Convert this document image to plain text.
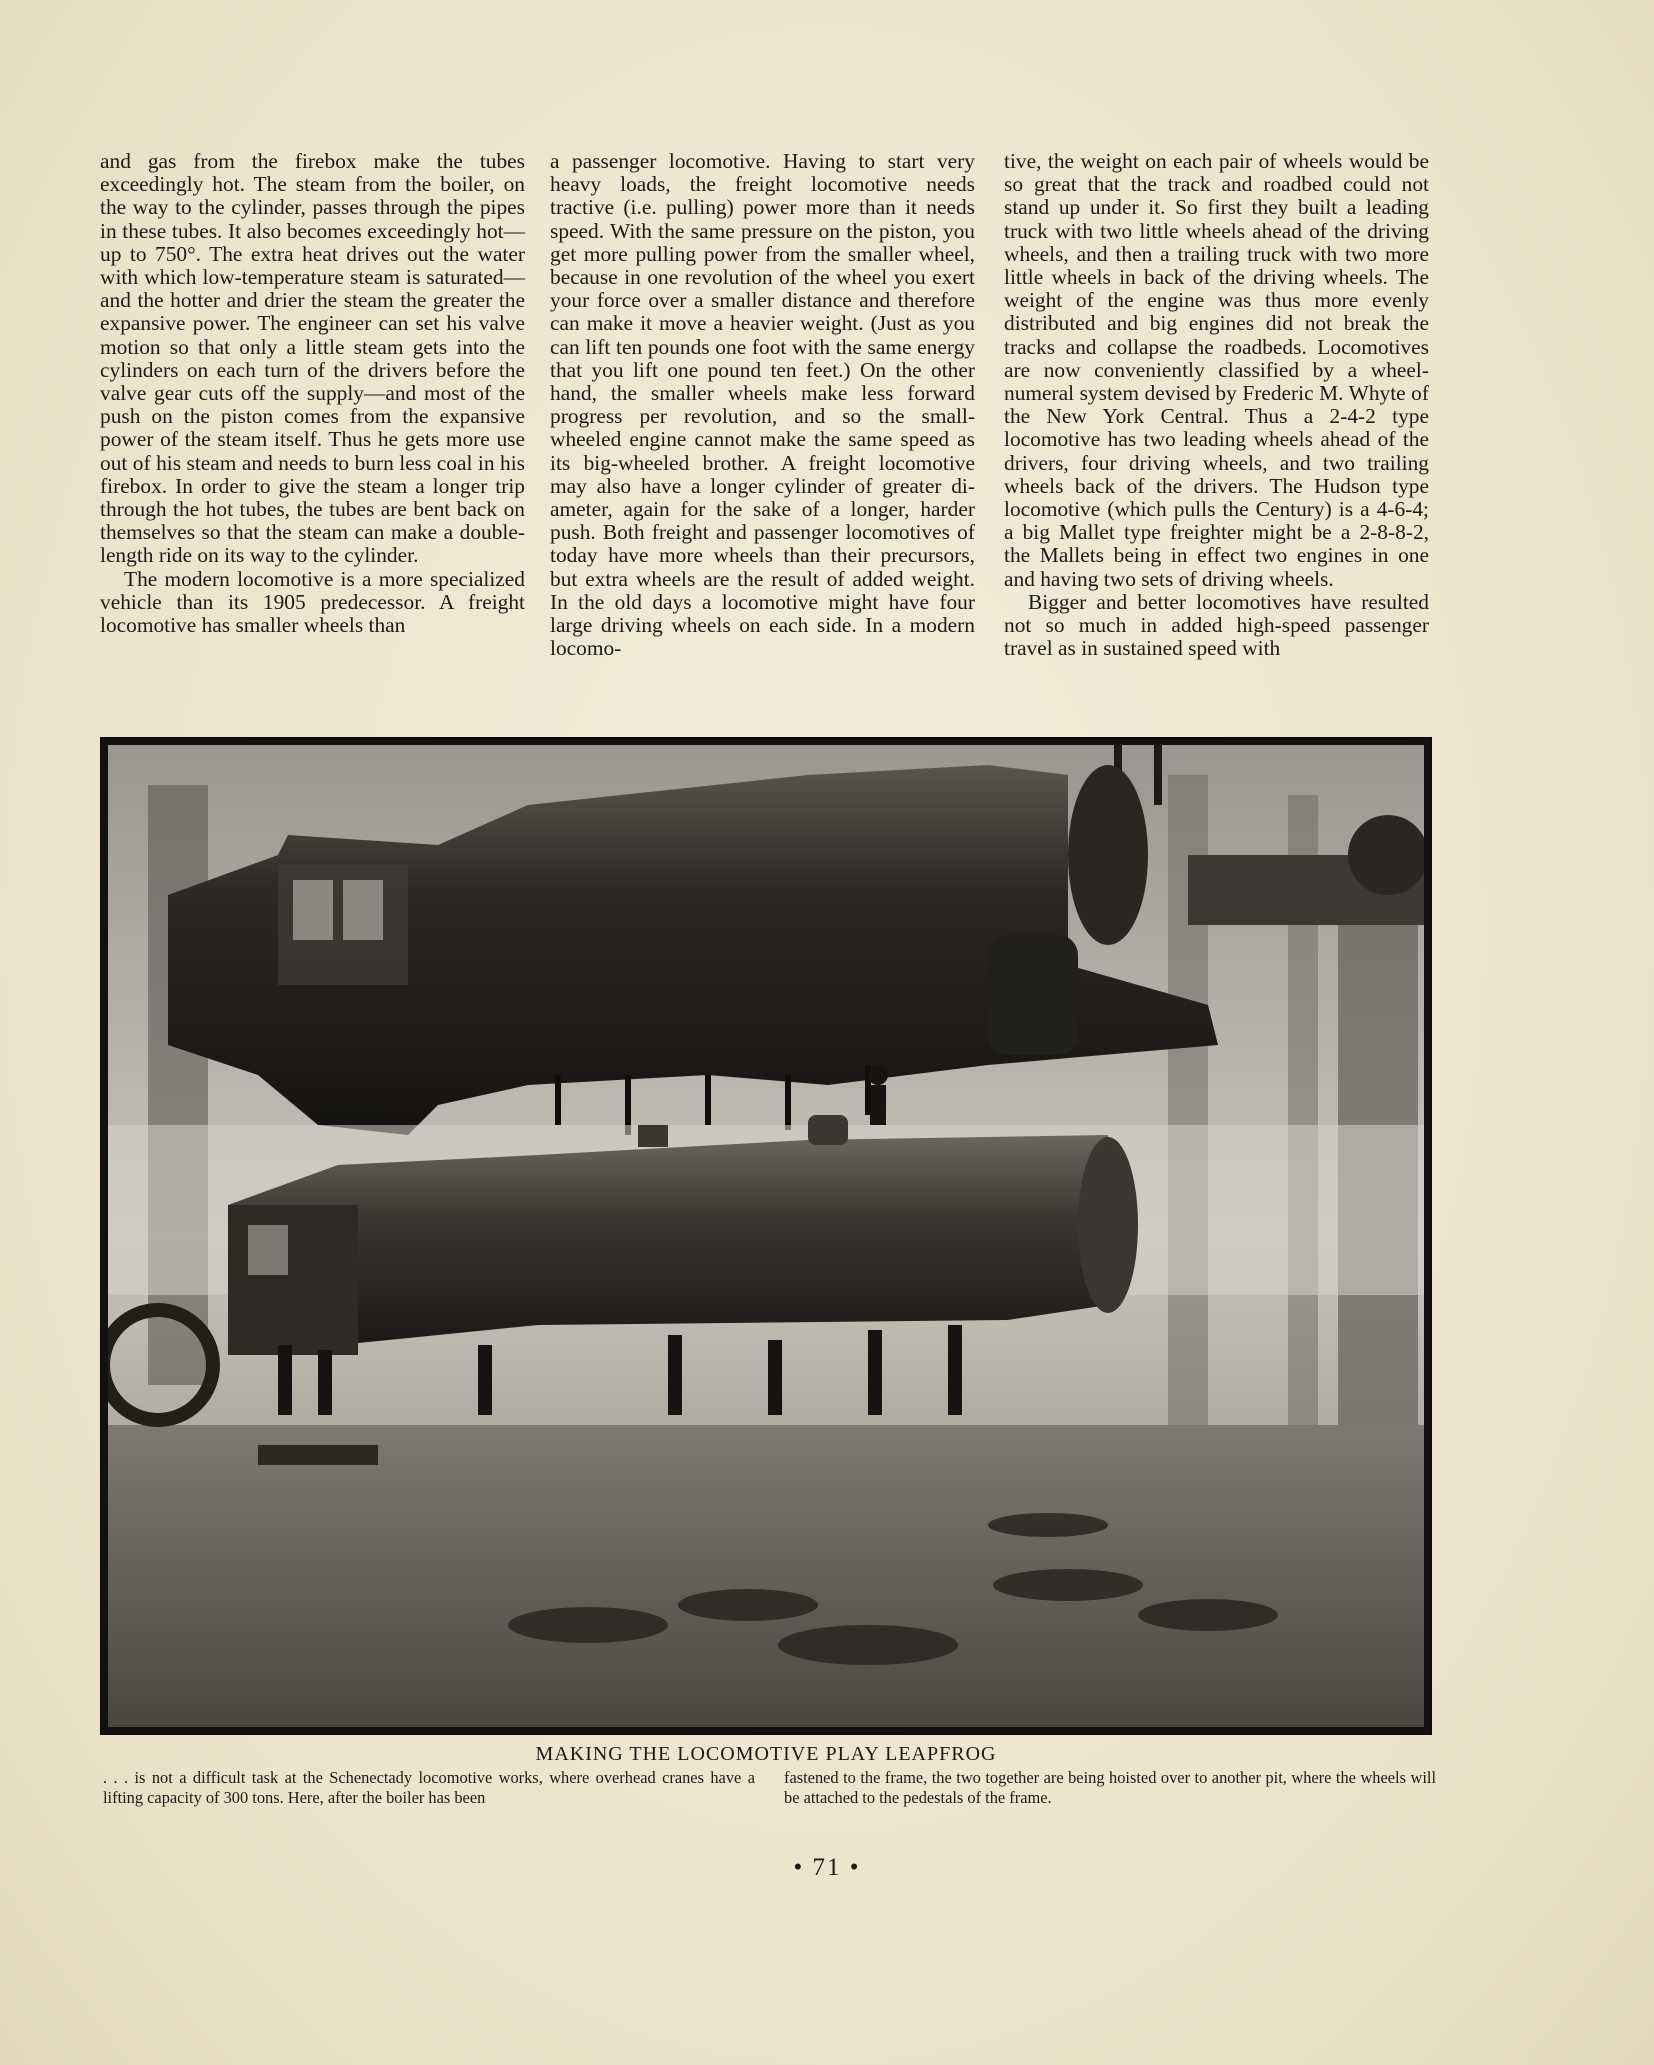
and gas from the firebox make the tubes exceedingly hot. The steam from the boiler, on the way to the cylinder, passes through the pipes in these tubes. It also becomes exceedingly hot—up to 750°. The extra heat drives out the water with which low-temperature steam is saturated—and the hotter and drier the steam the greater the expansive power. The engineer can set his valve motion so that only a little steam gets into the cylinders on each turn of the drivers before the valve gear cuts off the supply—and most of the push on the piston comes from the expansive power of the steam itself. Thus he gets more use out of his steam and needs to burn less coal in his firebox. In order to give the steam a longer trip through the hot tubes, the tubes are bent back on themselves so that the steam can make a double-length ride on its way to the cylinder.

The modern locomotive is a more specialized vehicle than its 1905 predecessor. A freight locomotive has smaller wheels than

a passenger locomotive. Having to start very heavy loads, the freight locomotive needs tractive (i.e. pulling) power more than it needs speed. With the same pressure on the piston, you get more pulling power from the smaller wheel, because in one revolution of the wheel you exert your force over a smaller distance and therefore can make it move a heavier weight. (Just as you can lift ten pounds one foot with the same energy that you lift one pound ten feet.) On the other hand, the smaller wheels make less forward progress per revolution, and so the small-wheeled engine cannot make the same speed as its big-wheeled brother. A freight locomotive may also have a longer cylinder of greater diameter, again for the sake of a longer, harder push. Both freight and passenger locomotives of today have more wheels than their precursors, but extra wheels are the result of added weight. In the old days a locomotive might have four large driving wheels on each side. In a modern locomo-

tive, the weight on each pair of wheels would be so great that the track and roadbed could not stand up under it. So first they built a leading truck with two little wheels ahead of the driving wheels, and then a trailing truck with two more little wheels in back of the driving wheels. The weight of the engine was thus more evenly distributed and big engines did not break the tracks and collapse the roadbeds. Locomotives are now conveniently classified by a wheel-numeral system devised by Frederic M. Whyte of the New York Central. Thus a 2-4-2 type locomotive has two leading wheels ahead of the drivers, four driving wheels, and two trailing wheels back of the drivers. The Hudson type locomotive (which pulls the Century) is a 4-6-4; a big Mallet type freighter might be a 2-8-8-2, the Mallets being in effect two engines in one and having two sets of driving wheels.

Bigger and better locomotives have resulted not so much in added high-speed passenger travel as in sustained speed with

MAKING THE LOCOMOTIVE PLAY LEAPFROG
. . . is not a difficult task at the Schenectady locomotive works, where overhead cranes have a lifting capacity of 300 tons. Here, after the boiler has been
fastened to the frame, the two together are being hoisted over to another pit, where the wheels will be attached to the pedestals of the frame.
• 71 •
